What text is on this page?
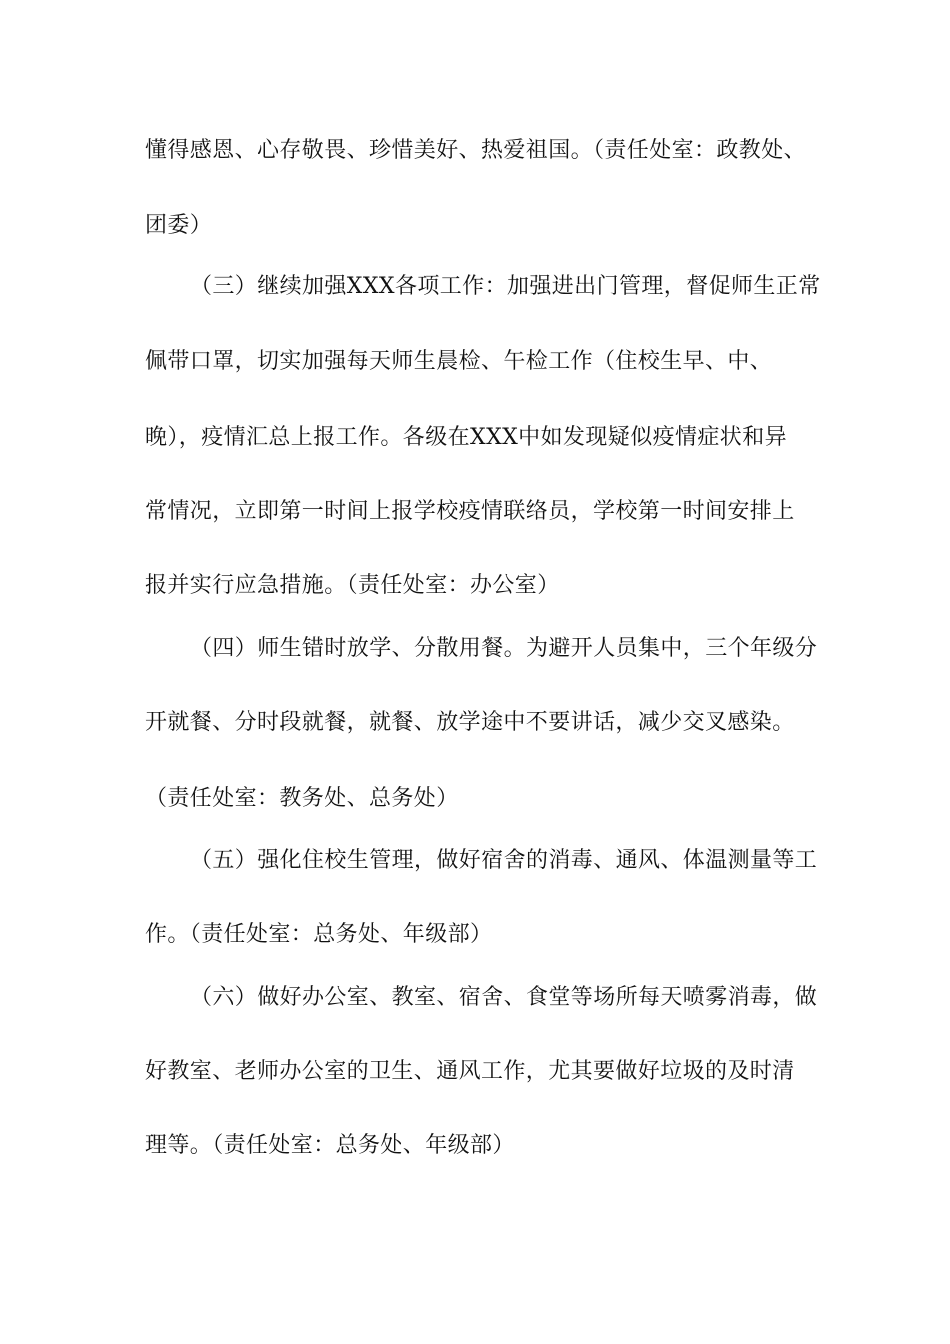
懂得感恩、心存敬畏、珍惜美好、热爱祖国。（责任处室：政教处、
团委）
（三）继续加强XXX各项工作：加强进出门管理，督促师生正常
佩带口罩，切实加强每天师生晨检、午检工作（住校生早、中、
晚），疫情汇总上报工作。各级在XXX中如发现疑似疫情症状和异
常情况，立即第一时间上报学校疫情联络员，学校第一时间安排上
报并实行应急措施。（责任处室：办公室）
（四）师生错时放学、分散用餐。为避开人员集中，三个年级分
开就餐、分时段就餐，就餐、放学途中不要讲话，减少交叉感染。
（责任处室：教务处、总务处）
（五）强化住校生管理，做好宿舍的消毒、通风、体温测量等工
作。（责任处室：总务处、年级部）
（六）做好办公室、教室、宿舍、食堂等场所每天喷雾消毒，做
好教室、老师办公室的卫生、通风工作，尤其要做好垃圾的及时清
理等。（责任处室：总务处、年级部）
